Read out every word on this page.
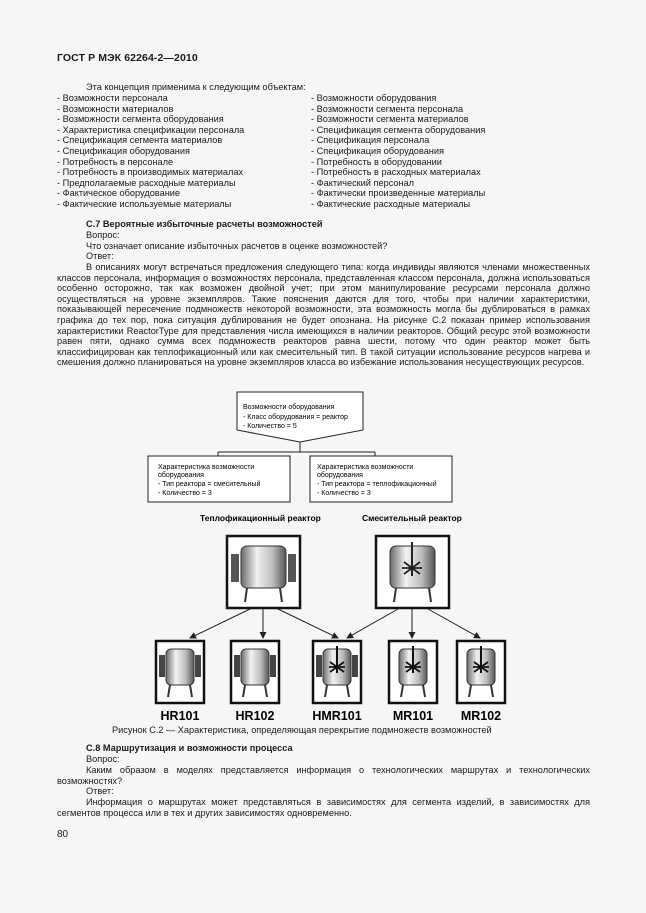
ГОСТ Р МЭК 62264-2—2010
Эта концепция применима к следующим объектам:
- Возможности персонала
- Возможности материалов
- Возможности сегмента оборудования
- Характеристика спецификации персонала
- Спецификация сегмента материалов
- Спецификация оборудования
- Потребность в персонале
- Потребность в производимых материалах
- Предполагаемые расходные материалы
- Фактическое оборудование
- Фактические используемые материалы
- Возможности оборудования
- Возможности сегмента персонала
- Возможности сегмента материалов
- Спецификация сегмента оборудования
- Спецификация персонала
- Спецификация оборудования
- Потребность в оборудовании
- Потребность в расходных материалах
- Фактический персонал
- Фактически произведенные материалы
- Фактические расходные материалы
С.7 Вероятные избыточные расчеты возможностей
Вопрос:
Что означает описание избыточных расчетов в оценке возможностей?
Ответ:
В описаниях могут встречаться предложения следующего типа: когда индивиды являются членами множественных классов персонала, информация о возможностях персонала, представленная классом персонала, должна использоваться особенно осторожно, так как возможен двойной учет; при этом манипулирование ресурсами персонала должно осуществляться на уровне экземпляров. Такие пояснения даются для того, чтобы при наличии характеристики, показывающей пересечение подмножеств некоторой возможности, эта возможность могла бы дублироваться в рамках графика до тех пор, пока ситуация дублирования не будет опознана. На рисунке С.2 показан пример использования характеристики ReactorType для представления числа имеющихся в наличии реакторов. Общий ресурс этой возможности равен пяти, однако сумма всех подмножеств реакторов равна шести, потому что один реактор может быть классифицирован как теплофикационный или как смесительный тип. В такой ситуации использование ресурсов нагрева и смешения должно планироваться на уровне экземпляров класса во избежание использования несуществующих ресурсов.
Возможности оборудования
- Класс оборудования = реактор
- Количество = 5
Характеристика возможности
оборудования
- Тип реактора = смесительный
- Количество = 3
Характеристика возможности
оборудования
- Тип реактора = теплофикационный
- Количество = 3
Теплофикационный реактор	Смесительный реактор
HR101	HR102	HMR101 MR101 MR102
Рисунок С.2 — Характеристика, определяющая перекрытие подмножеств возможностей
С.8 Маршрутизация и возможности процесса
Вопрос:
Каким образом в моделях представляется информация о технологических маршрутах и технологических возможностях?
Ответ:
Информация о маршрутах может представляться в зависимостях для сегмента изделий, в зависимостях для сегментов процесса или в тех и других зависимостях одновременно.
80
